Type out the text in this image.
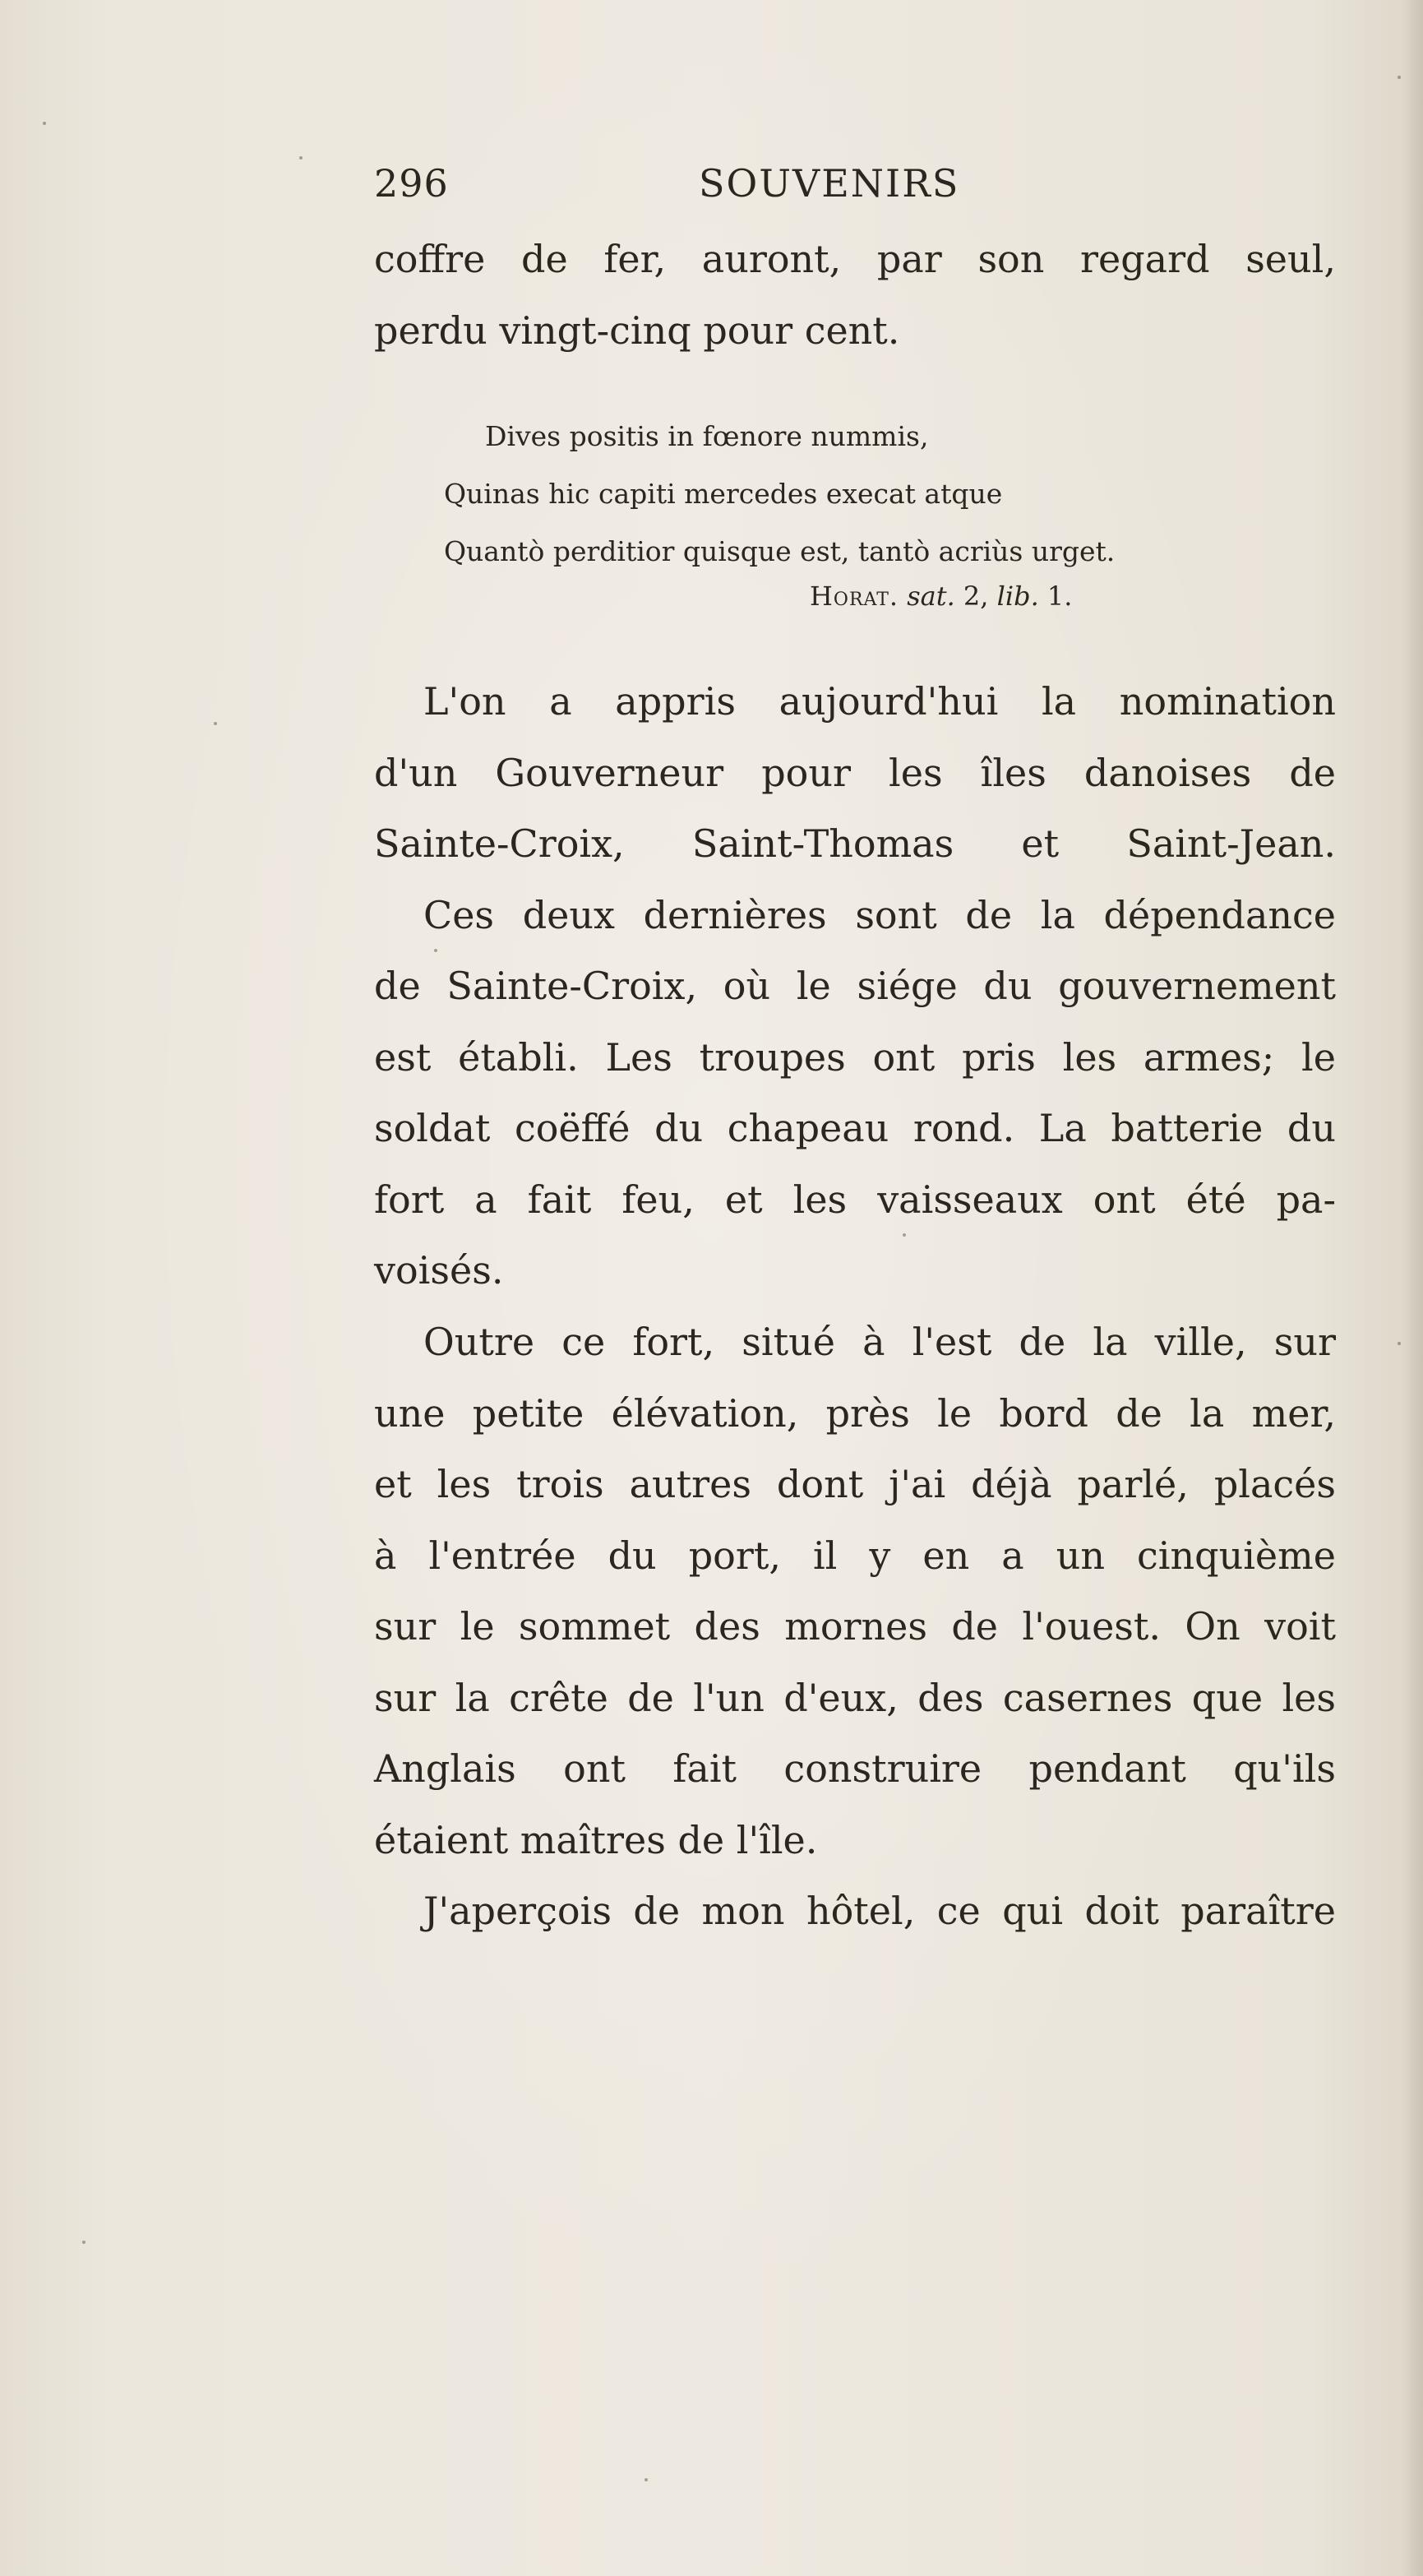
296	SOUVENIRS
coffre de fer, auront, par son regard seul,
perdu vingt-cinq pour cent.
Dives positis in fœnore nummis,
Quinas hic capiti mercedes execat atque
Quantò perditior quisque est, tantò acriùs urget.
Horat. sat. 2, lib. 1.
L'on a appris aujourd'hui la nomination
d'un Gouverneur pour les îles danoises de
Sainte-Croix, Saint-Thomas et Saint-Jean.
Ces deux dernières sont de la dépendance
de Sainte-Croix, où le siége du gouvernement
est établi. Les troupes ont pris les armes; le
soldat coëffé du chapeau rond. La batterie du
fort a fait feu, et les vaisseaux ont été pa-
voisés.
Outre ce fort, situé à l'est de la ville, sur
une petite élévation, près le bord de la mer,
et les trois autres dont j'ai déjà parlé, placés
à l'entrée du port, il y en a un cinquième
sur le sommet des mornes de l'ouest. On voit
sur la crête de l'un d'eux, des casernes que les
Anglais ont fait construire pendant qu'ils
étaient maîtres de l'île.
J'aperçois de mon hôtel, ce qui doit paraître
